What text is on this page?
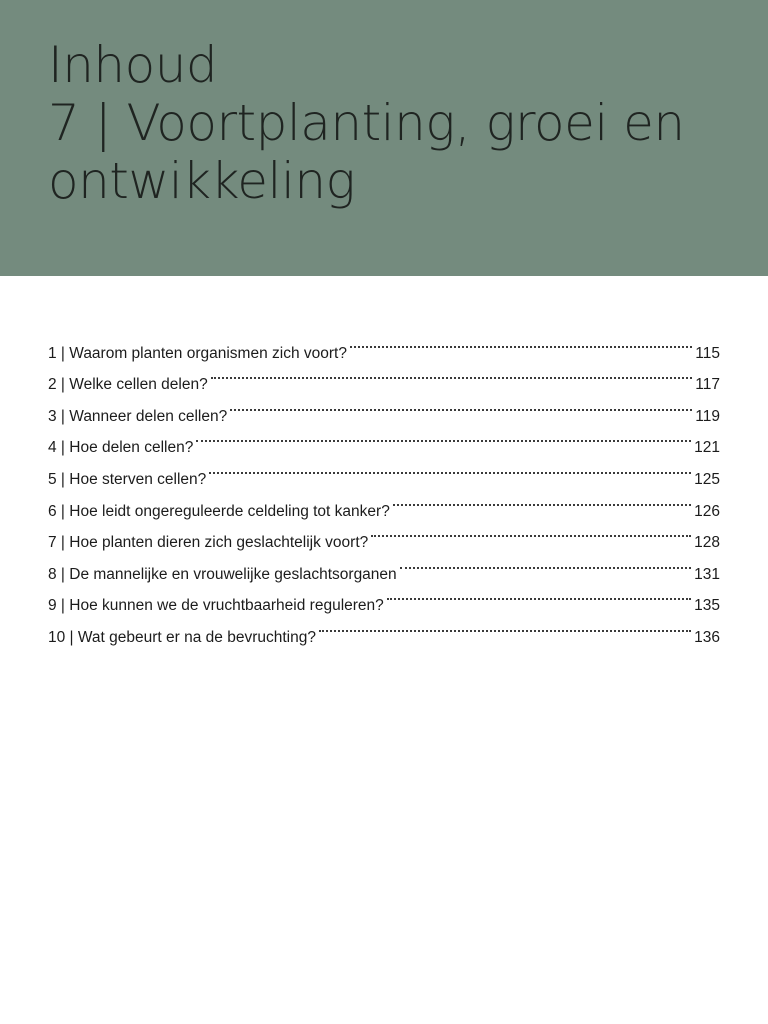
Inhoud
7 | Voortplanting, groei en
ontwikkeling
1 | Waarom planten organismen zich voort?	115
2 | Welke cellen delen?	117
3 | Wanneer delen cellen?	119
4 | Hoe delen cellen?	121
5 | Hoe sterven cellen?	125
6 | Hoe leidt ongereguleerde celdeling tot kanker?	126
7 | Hoe planten dieren zich geslachtelijk voort?	128
8 | De mannelijke en vrouwelijke geslachtsorganen	131
9 | Hoe kunnen we de vruchtbaarheid reguleren?	135
10 | Wat gebeurt er na de bevruchting?	136
